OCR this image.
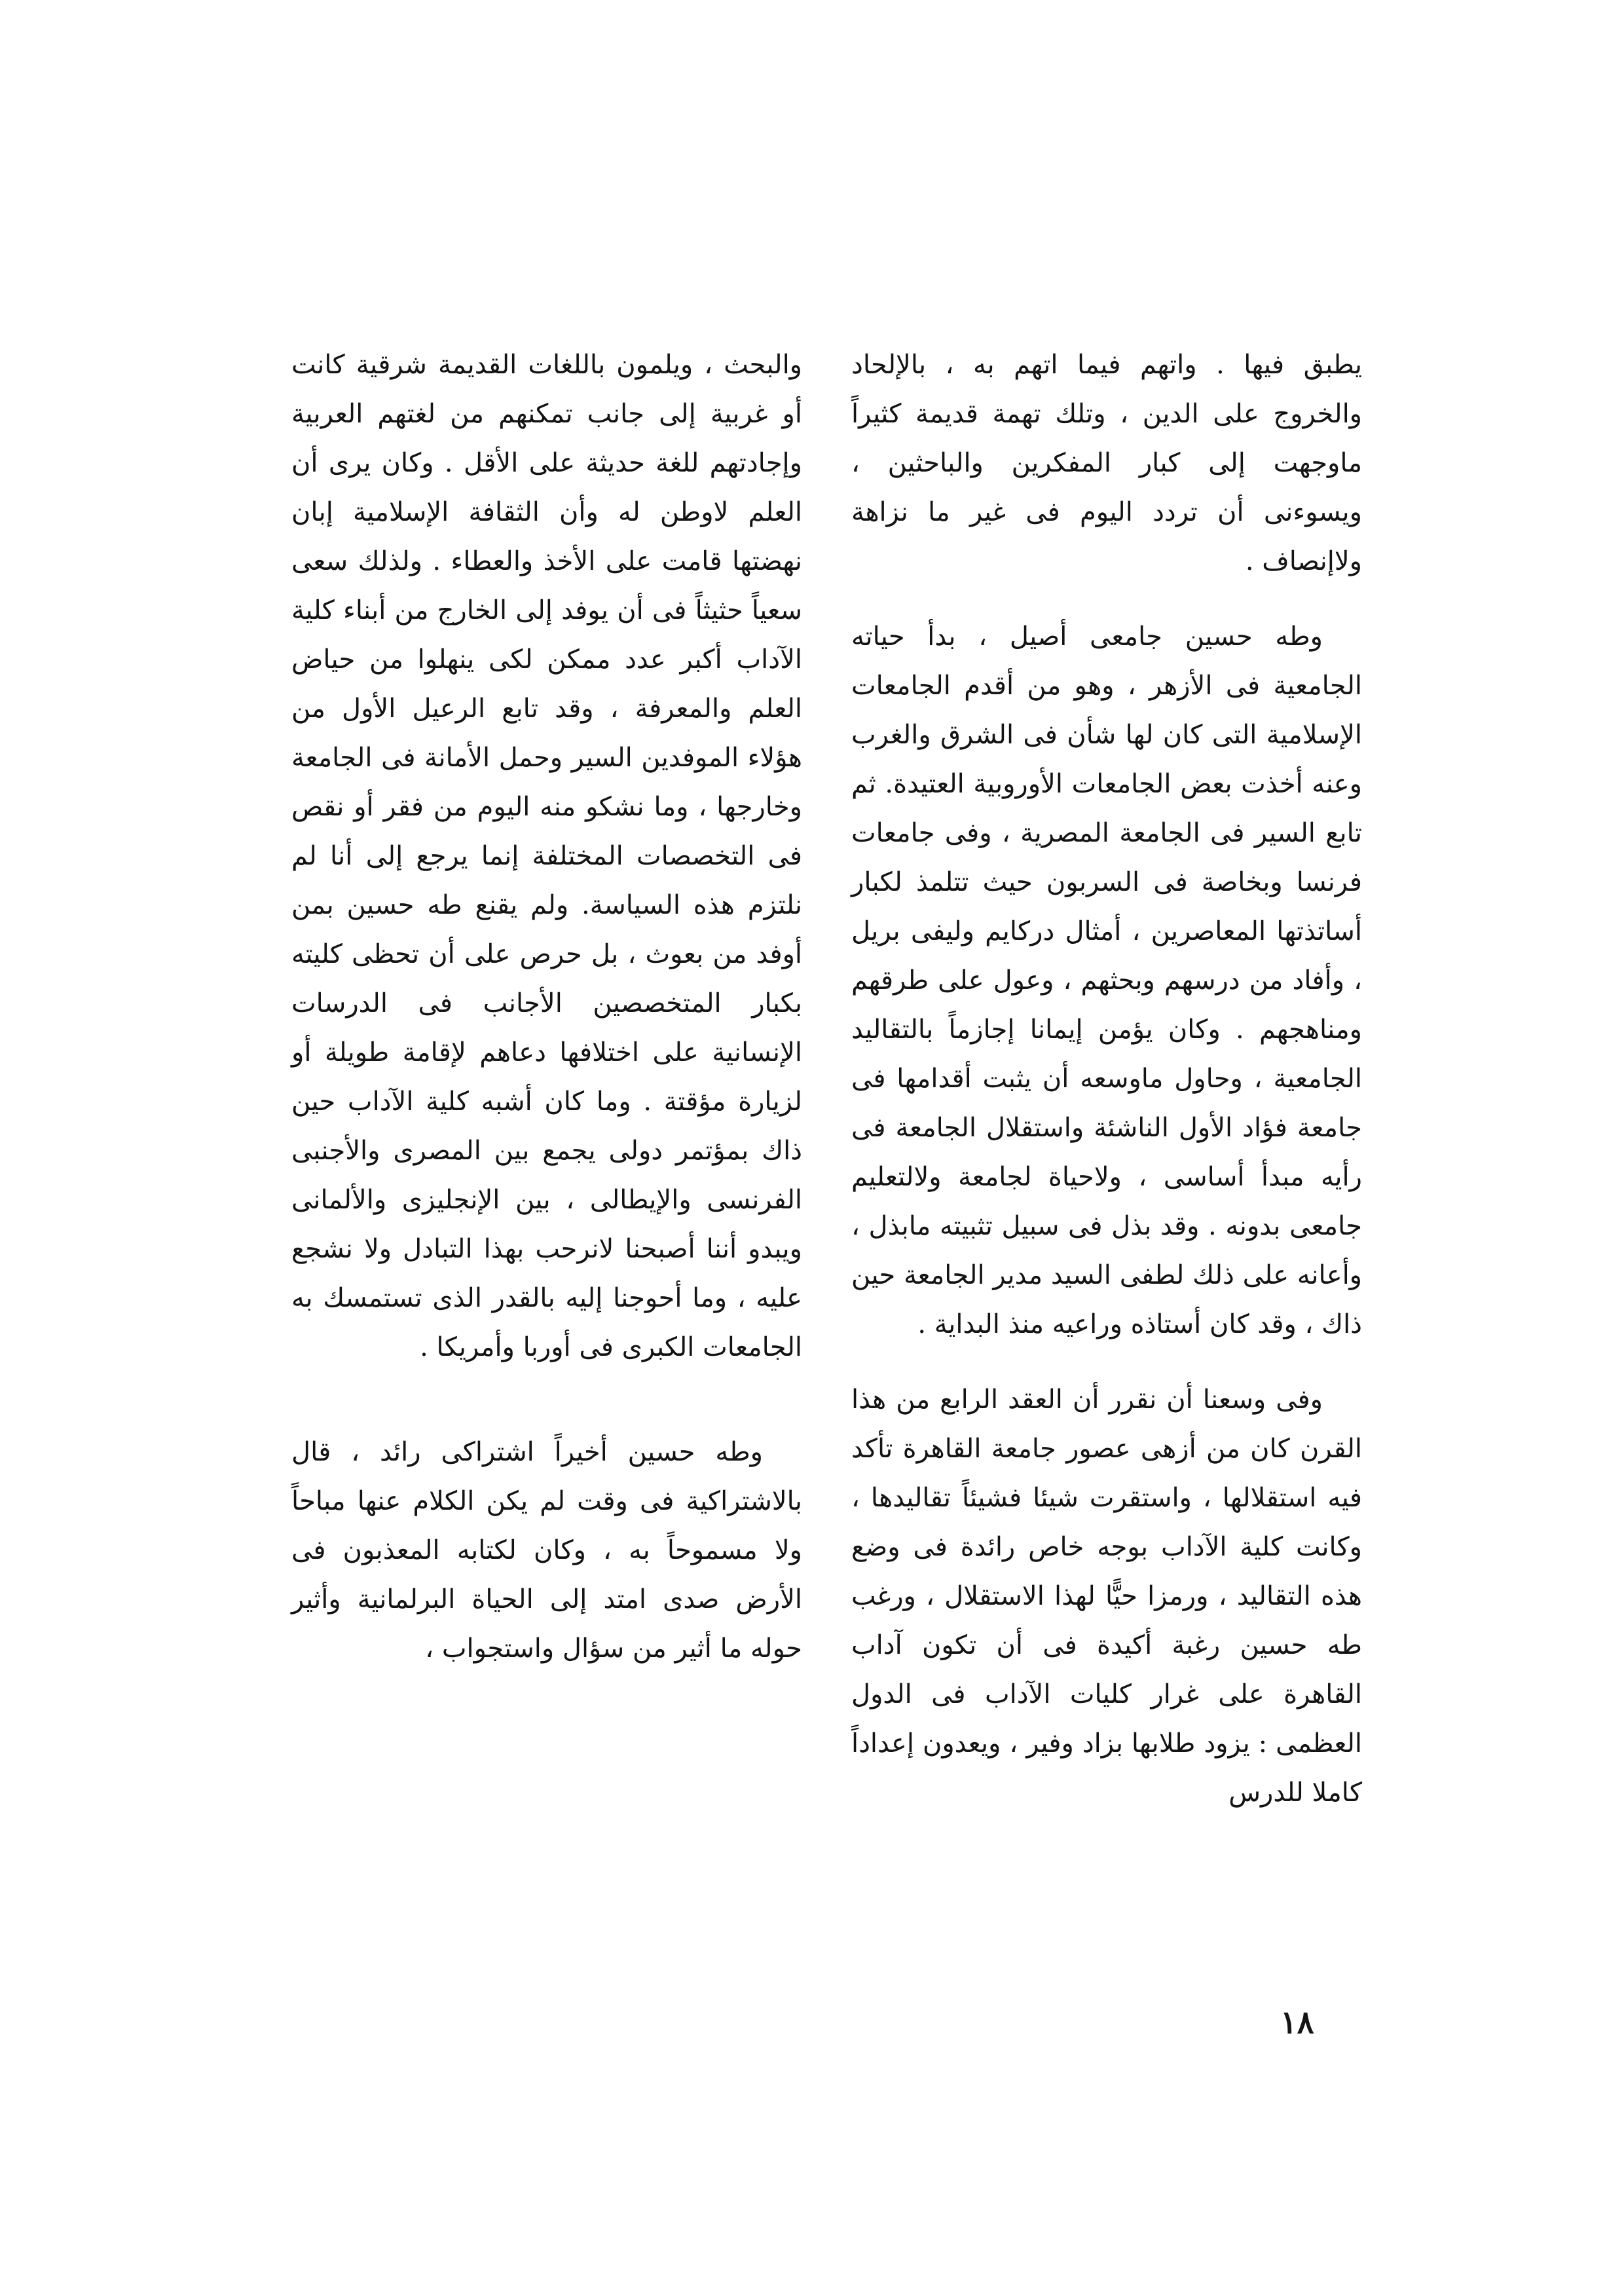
يطبق فيها . واتهم فيما اتهم به ، بالإلحاد والخروج على الدين ، وتلك تهمة قديمة كثيراً ماوجهت إلى كبار المفكرين والباحثين ، ويسوءنى أن تردد اليوم فى غير ما نزاهة ولاإنصاف .

وطه حسين جامعى أصيل ، بدأ حياته الجامعية فى الأزهر ، وهو من أقدم الجامعات الإسلامية التى كان لها شأن فى الشرق والغرب وعنه أخذت بعض الجامعات الأوروبية العتيدة. ثم تابع السير فى الجامعة المصرية ، وفى جامعات فرنسا وبخاصة فى السربون حيث تتلمذ لكبار أساتذتها المعاصرين ، أمثال دركايم وليفى بريل ، وأفاد من درسهم وبحثهم ، وعول على طرقهم ومناهجهم . وكان يؤمن إيمانا إجازماً بالتقاليد الجامعية ، وحاول ماوسعه أن يثبت أقدامها فى جامعة فؤاد الأول الناشئة واستقلال الجامعة فى رأيه مبدأ أساسى ، ولاحياة لجامعة ولالتعليم جامعى بدونه . وقد بذل فى سبيل تثبيته مابذل ، وأعانه على ذلك لطفى السيد مدير الجامعة حين ذاك ، وقد كان أستاذه وراعيه منذ البداية .

وفى وسعنا أن نقرر أن العقد الرابع من هذا القرن كان من أزهى عصور جامعة القاهرة تأكد فيه استقلالها ، واستقرت شيئا فشيئاً تقاليدها ، وكانت كلية الآداب بوجه خاص رائدة فى وضع هذه التقاليد ، ورمزا حيًّا لهذا الاستقلال ، ورغب طه حسين رغبة أكيدة فى أن تكون آداب القاهرة على غرار كليات الآداب فى الدول العظمى : يزود طلابها بزاد وفير ، ويعدون إعداداً كاملا للدرس

والبحث ، ويلمون باللغات القديمة شرقية كانت أو غربية إلى جانب تمكنهم من لغتهم العربية وإجادتهم للغة حديثة على الأقل . وكان يرى أن العلم لاوطن له وأن الثقافة الإسلامية إبان نهضتها قامت على الأخذ والعطاء . ولذلك سعى سعياً حثيثاً فى أن يوفد إلى الخارج من أبناء كلية الآداب أكبر عدد ممكن لكى ينهلوا من حياض العلم والمعرفة ، وقد تابع الرعيل الأول من هؤلاء الموفدين السير وحمل الأمانة فى الجامعة وخارجها ، وما نشكو منه اليوم من فقر أو نقص فى التخصصات المختلفة إنما يرجع إلى أنا لم نلتزم هذه السياسة. ولم يقنع طه حسين بمن أوفد من بعوث ، بل حرص على أن تحظى كليته بكبار المتخصصين الأجانب فى الدرسات الإنسانية على اختلافها دعاهم لإقامة طويلة أو لزيارة مؤقتة . وما كان أشبه كلية الآداب حين ذاك بمؤتمر دولى يجمع بين المصرى والأجنبى الفرنسى والإيطالى ، بين الإنجليزى والألمانى ويبدو أننا أصبحنا لانرحب بهذا التبادل ولا نشجع عليه ، وما أحوجنا إليه بالقدر الذى تستمسك به الجامعات الكبرى فى أوربا وأمريكا .

وطه حسين أخيراً اشتراكى رائد ، قال بالاشتراكية فى وقت لم يكن الكلام عنها مباحاً ولا مسموحاً به ، وكان لكتابه المعذبون فى الأرض صدى امتد إلى الحياة البرلمانية وأثير حوله ما أثير من سؤال واستجواب ،

١٨
